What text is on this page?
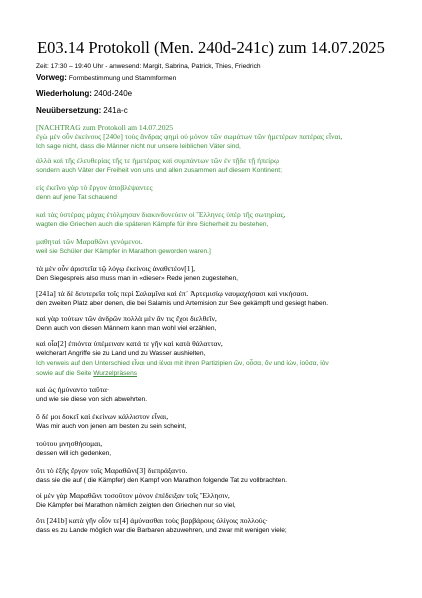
E03.14 Protokoll (Men. 240d-241c) zum 14.07.2025
Zeit: 17:30 – 19:40 Uhr - anwesend: Margit, Sabrina, Patrick, Thies, Friedrich
Vorweg: Formbestimmung und Stammformen
Wiederholung: 240d-240e
Neuübersetzung: 241a-c
[NACHTRAG zum Protokoll am 14.07.2025
ἐγὼ μὲν οὖν ἐκείνους [240e] τοὺς ἄνδρας φημὶ οὐ μόνον τῶν σωμάτων τῶν ἡμετέρων πατέρας εἶναι,
Ich sage nicht, dass die Männer nicht nur unsere leiblichen Väter sind,
ἀλλὰ καὶ τῆς ἐλευθερίας τῆς τε ἡμετέρας καὶ συμπάντων τῶν ἐν τῇδε τῇ ἠπείρῳ
sondern auch Väter der Freiheit von uns und allen zusammen auf diesem Kontinent;
εἰς ἐκεῖνο γὰρ τὸ ἔργον ἀποβλέψαντες
denn auf jene Tat schauend
καὶ τὰς ὑστέρας μάχας ἐτόλμησαν διακινδυνεύειν οἱ Ἕλληνες ὑπὲρ τῆς σωτηρίας,
wagten die Griechen auch die späteren Kämpfe für ihre Sicherheit zu bestehen,
μαθηταὶ τῶν Μαραθῶνι γενόμενοι.
weil sie Schüler der Kämpfer in Marathon geworden waren.]
τὰ μὲν οὖν ἀριστεῖα τῷ λόγῳ ἐκείνοις ἀναθετέον[1],
Den Siegespreis also muss man in «dieser» Rede jenen zugestehen,
[241a] τὰ δὲ δευτερεῖα τοῖς περὶ Σαλαμῖνα καὶ ἐπ᾽ Ἀρτεμισίῳ ναυμαχήσασι καὶ νικήσασι.
den zweiten Platz aber denen, die bei Salamis und Artemision zur See gekämpft und gesiegt haben.
καὶ γὰρ τούτων τῶν ἀνδρῶν πολλὰ μὲν ἄν τις ἔχοι διελθεῖν,
Denn auch von diesen Männern kann man wohl viel erzählen,
καὶ οἷα[2] ἐπιόντα ὑπέμειναν κατά τε γῆν καὶ κατὰ θάλατταν,
welcherart Angriffe sie zu Land und zu Wasser aushielten,
Ich verweis auf den Unterschied εἶναι und ἰέναι mit ihren Partizipien ὤν, οὖσα, ὄν und ἰών, ἰοῦσα, ἰόν
sowie auf die Seite Wurzelpräsens
καὶ ὡς ἠμύναντο ταῦτα·
und wie sie diese von sich abwehrten.
ὃ δέ μοι δοκεῖ καὶ ἐκείνων κάλλιστον εἶναι,
Was mir auch von jenen am besten zu sein scheint,
τούτου μνησθήσομαι,
dessen will ich gedenken,
ὅτι τὸ ἑξῆς ἔργον τοῖς Μαραθῶνι[3] διεπράξαντο.
dass sie die auf ( die Kämpfer) den Kampf von Marathon folgende Tat zu vollbrachten.
οἱ μὲν γὰρ Μαραθῶνι τοσοῦτον μόνον ἐπέδειξαν τοῖς Ἕλλησιν,
Die Kämpfer bei Marathon nämlich zeigten den Griechen nur so viel,
ὅτι [241b] κατὰ γῆν οἷόν τε[4] ἀμύνασθαι τοὺς βαρβάρους ὀλίγοις πολλούς·
dass es zu Lande möglich war die Barbaren abzuwehren, und zwar mit wenigen viele;
